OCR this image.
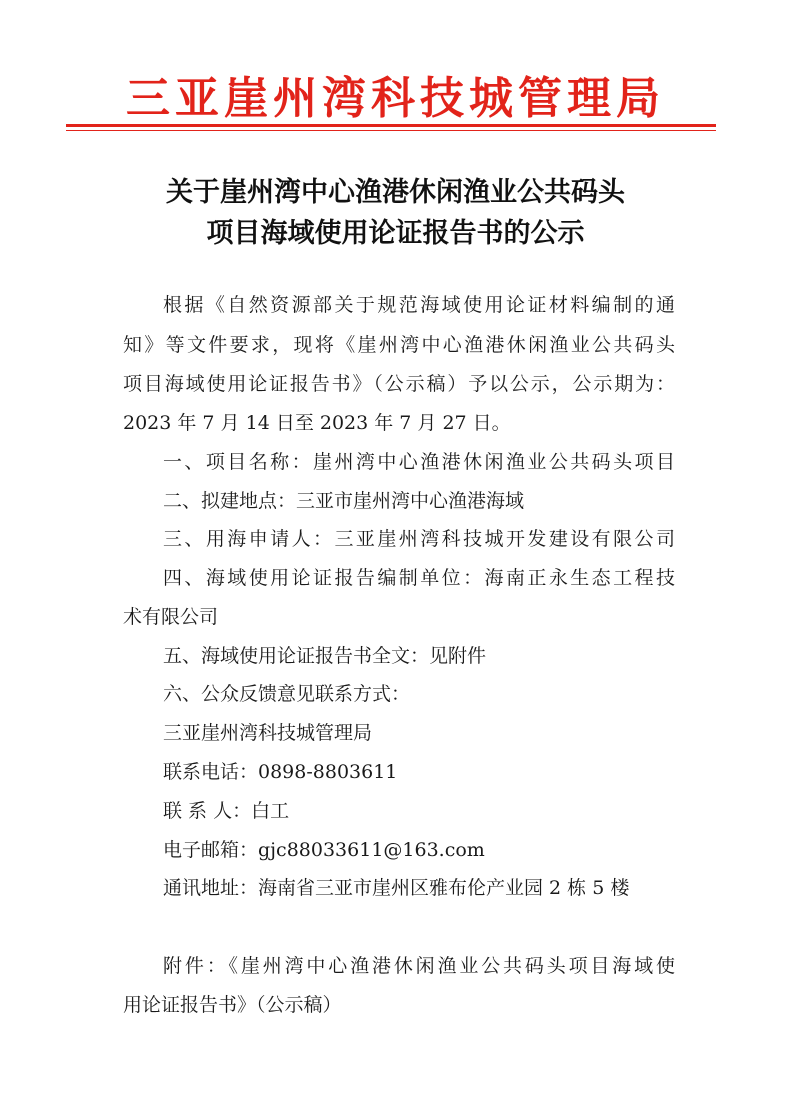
三亚崖州湾科技城管理局
关于崖州湾中心渔港休闲渔业公共码头
项目海域使用论证报告书的公示
根据《自然资源部关于规范海域使用论证材料编制的通
知》等文件要求，现将《崖州湾中心渔港休闲渔业公共码头
项目海域使用论证报告书》（公示稿）予以公示，公示期为：
2023 年 7 月 14 日至 2023 年 7 月 27 日。
一、项目名称：崖州湾中心渔港休闲渔业公共码头项目
二、拟建地点：三亚市崖州湾中心渔港海域
三、用海申请人：三亚崖州湾科技城开发建设有限公司
四、海域使用论证报告编制单位：海南正永生态工程技
术有限公司
五、海域使用论证报告书全文：见附件
六、公众反馈意见联系方式：
三亚崖州湾科技城管理局
联系电话：0898-8803611
联 系 人：白工
电子邮箱：gjc88033611@163.com
通讯地址：海南省三亚市崖州区雅布伦产业园 2 栋 5 楼
附件：《崖州湾中心渔港休闲渔业公共码头项目海域使
用论证报告书》（公示稿）
